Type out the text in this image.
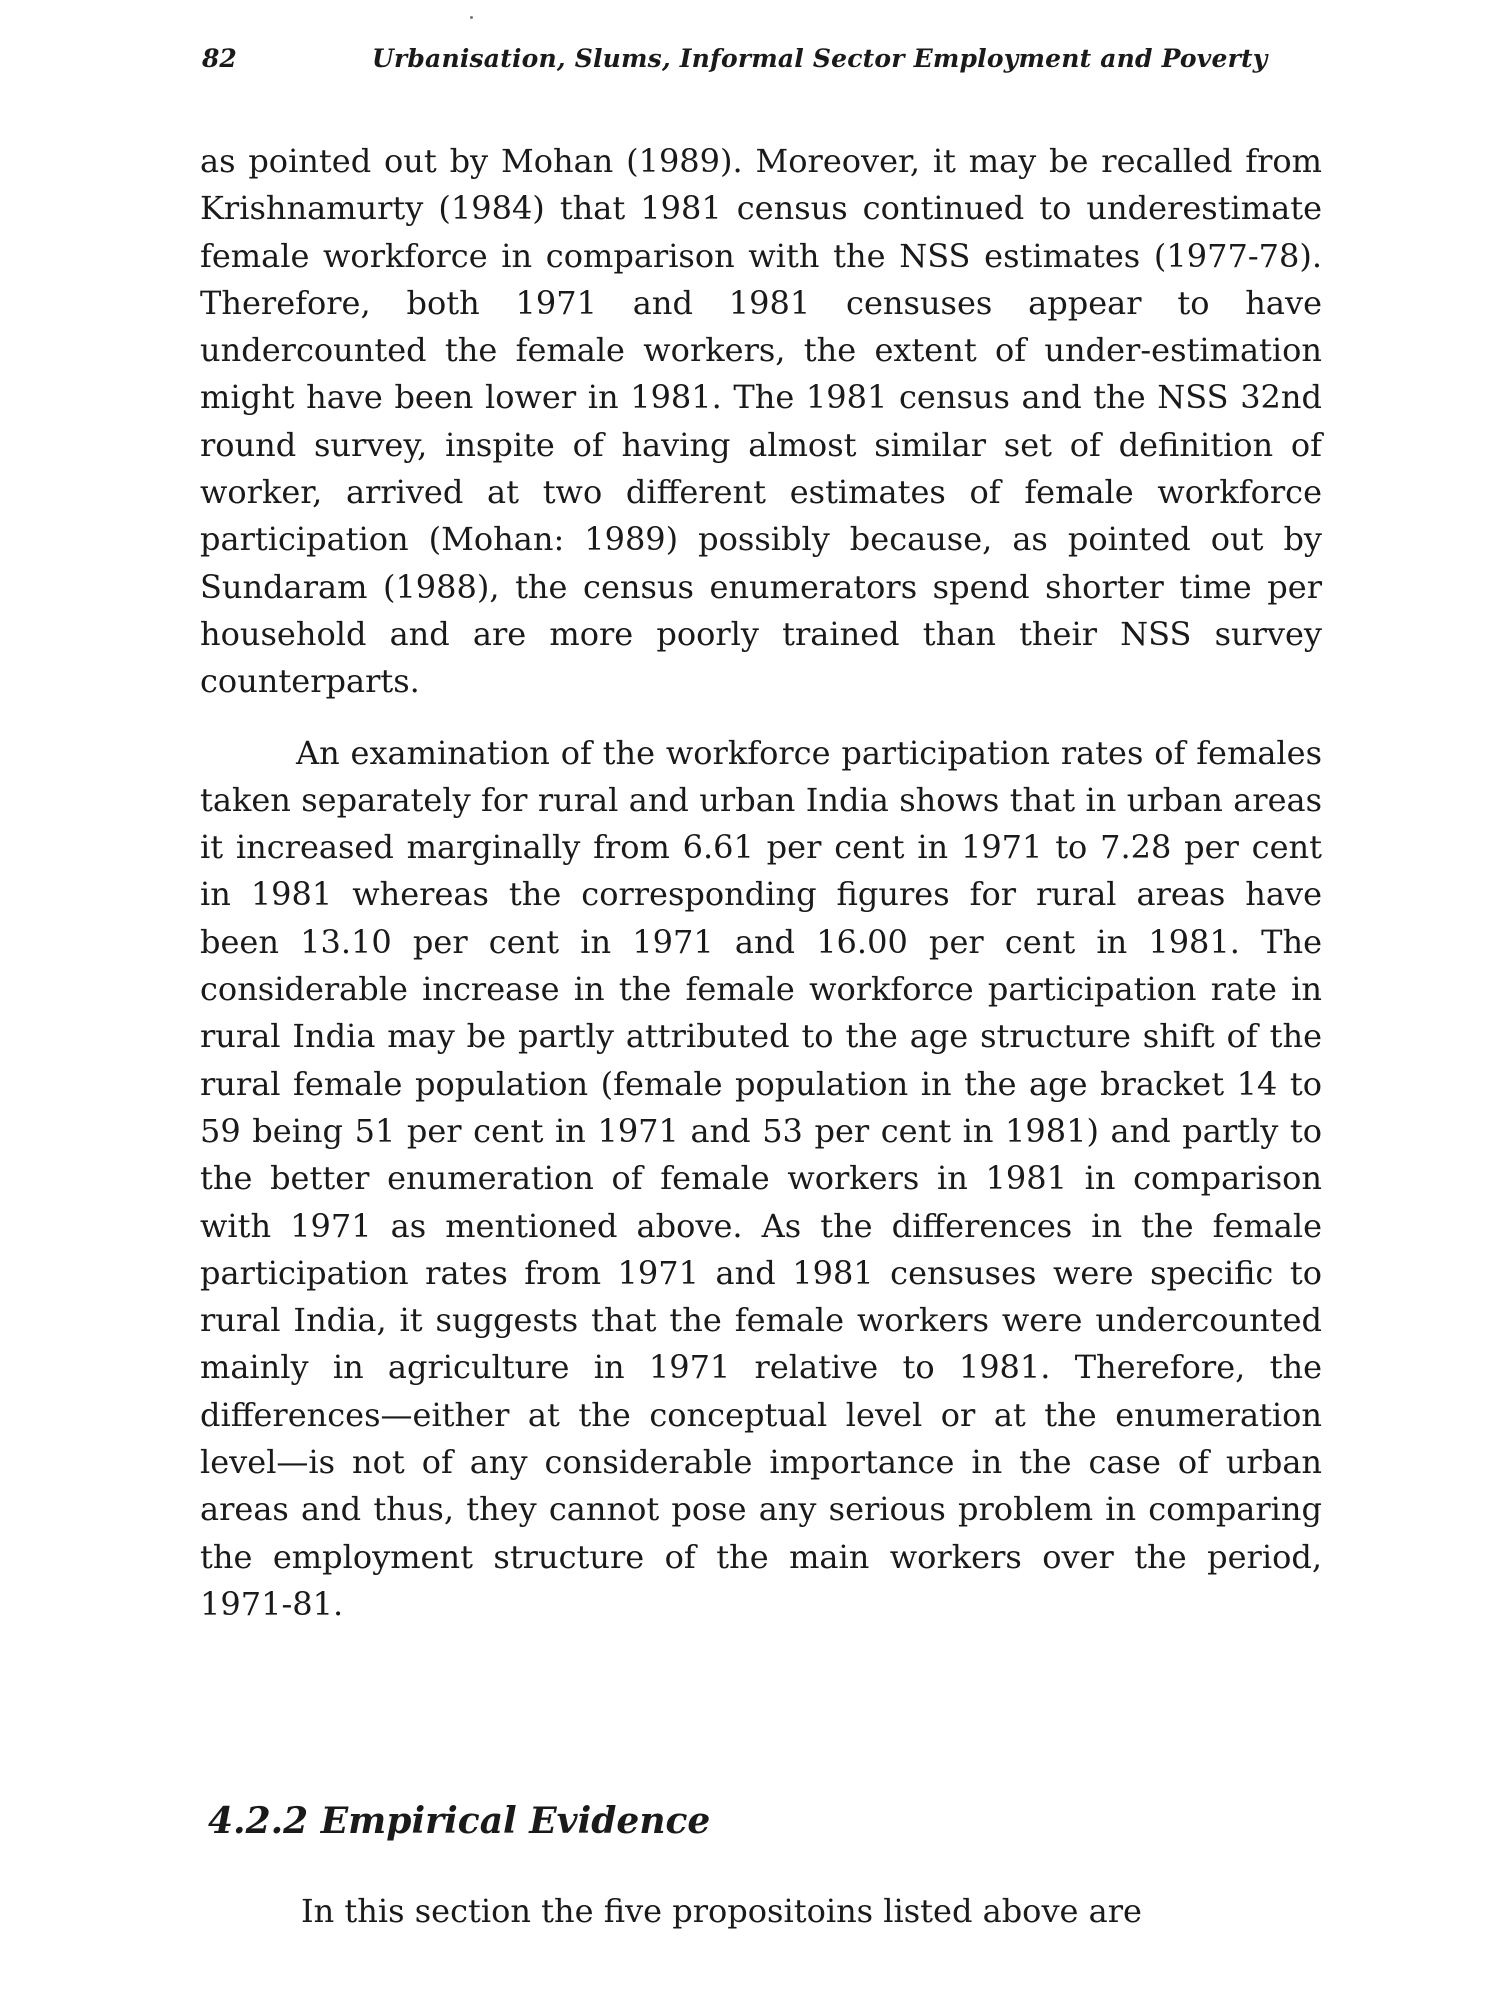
82	Urbanisation, Slums, Informal Sector Employment and Poverty

as pointed out by Mohan (1989). Moreover, it may be recalled from Krishnamurty (1984) that 1981 census continued to underestimate female workforce in comparison with the NSS estimates (1977-78). Therefore, both 1971 and 1981 censuses appear to have undercounted the female workers, the extent of under-estimation might have been lower in 1981. The 1981 census and the NSS 32nd round survey, inspite of having almost similar set of definition of worker, arrived at two different estimates of female workforce participation (Mohan: 1989) possibly because, as pointed out by Sundaram (1988), the census enumerators spend shorter time per household and are more poorly trained than their NSS survey counterparts.

An examination of the workforce participation rates of females taken separately for rural and urban India shows that in urban areas it increased marginally from 6.61 per cent in 1971 to 7.28 per cent in 1981 whereas the corresponding figures for rural areas have been 13.10 per cent in 1971 and 16.00 per cent in 1981. The considerable increase in the female workforce participation rate in rural India may be partly attributed to the age structure shift of the rural female population (female population in the age bracket 14 to 59 being 51 per cent in 1971 and 53 per cent in 1981) and partly to the better enumeration of female workers in 1981 in comparison with 1971 as mentioned above. As the differences in the female participation rates from 1971 and 1981 censuses were specific to rural India, it suggests that the female workers were undercounted mainly in agriculture in 1971 relative to 1981. Therefore, the differences—either at the conceptual level or at the enumeration level—is not of any considerable importance in the case of urban areas and thus, they cannot pose any serious problem in comparing the employment structure of the main workers over the period, 1971-81.

4.2.2 Empirical Evidence

In this section the five propositoins listed above are
